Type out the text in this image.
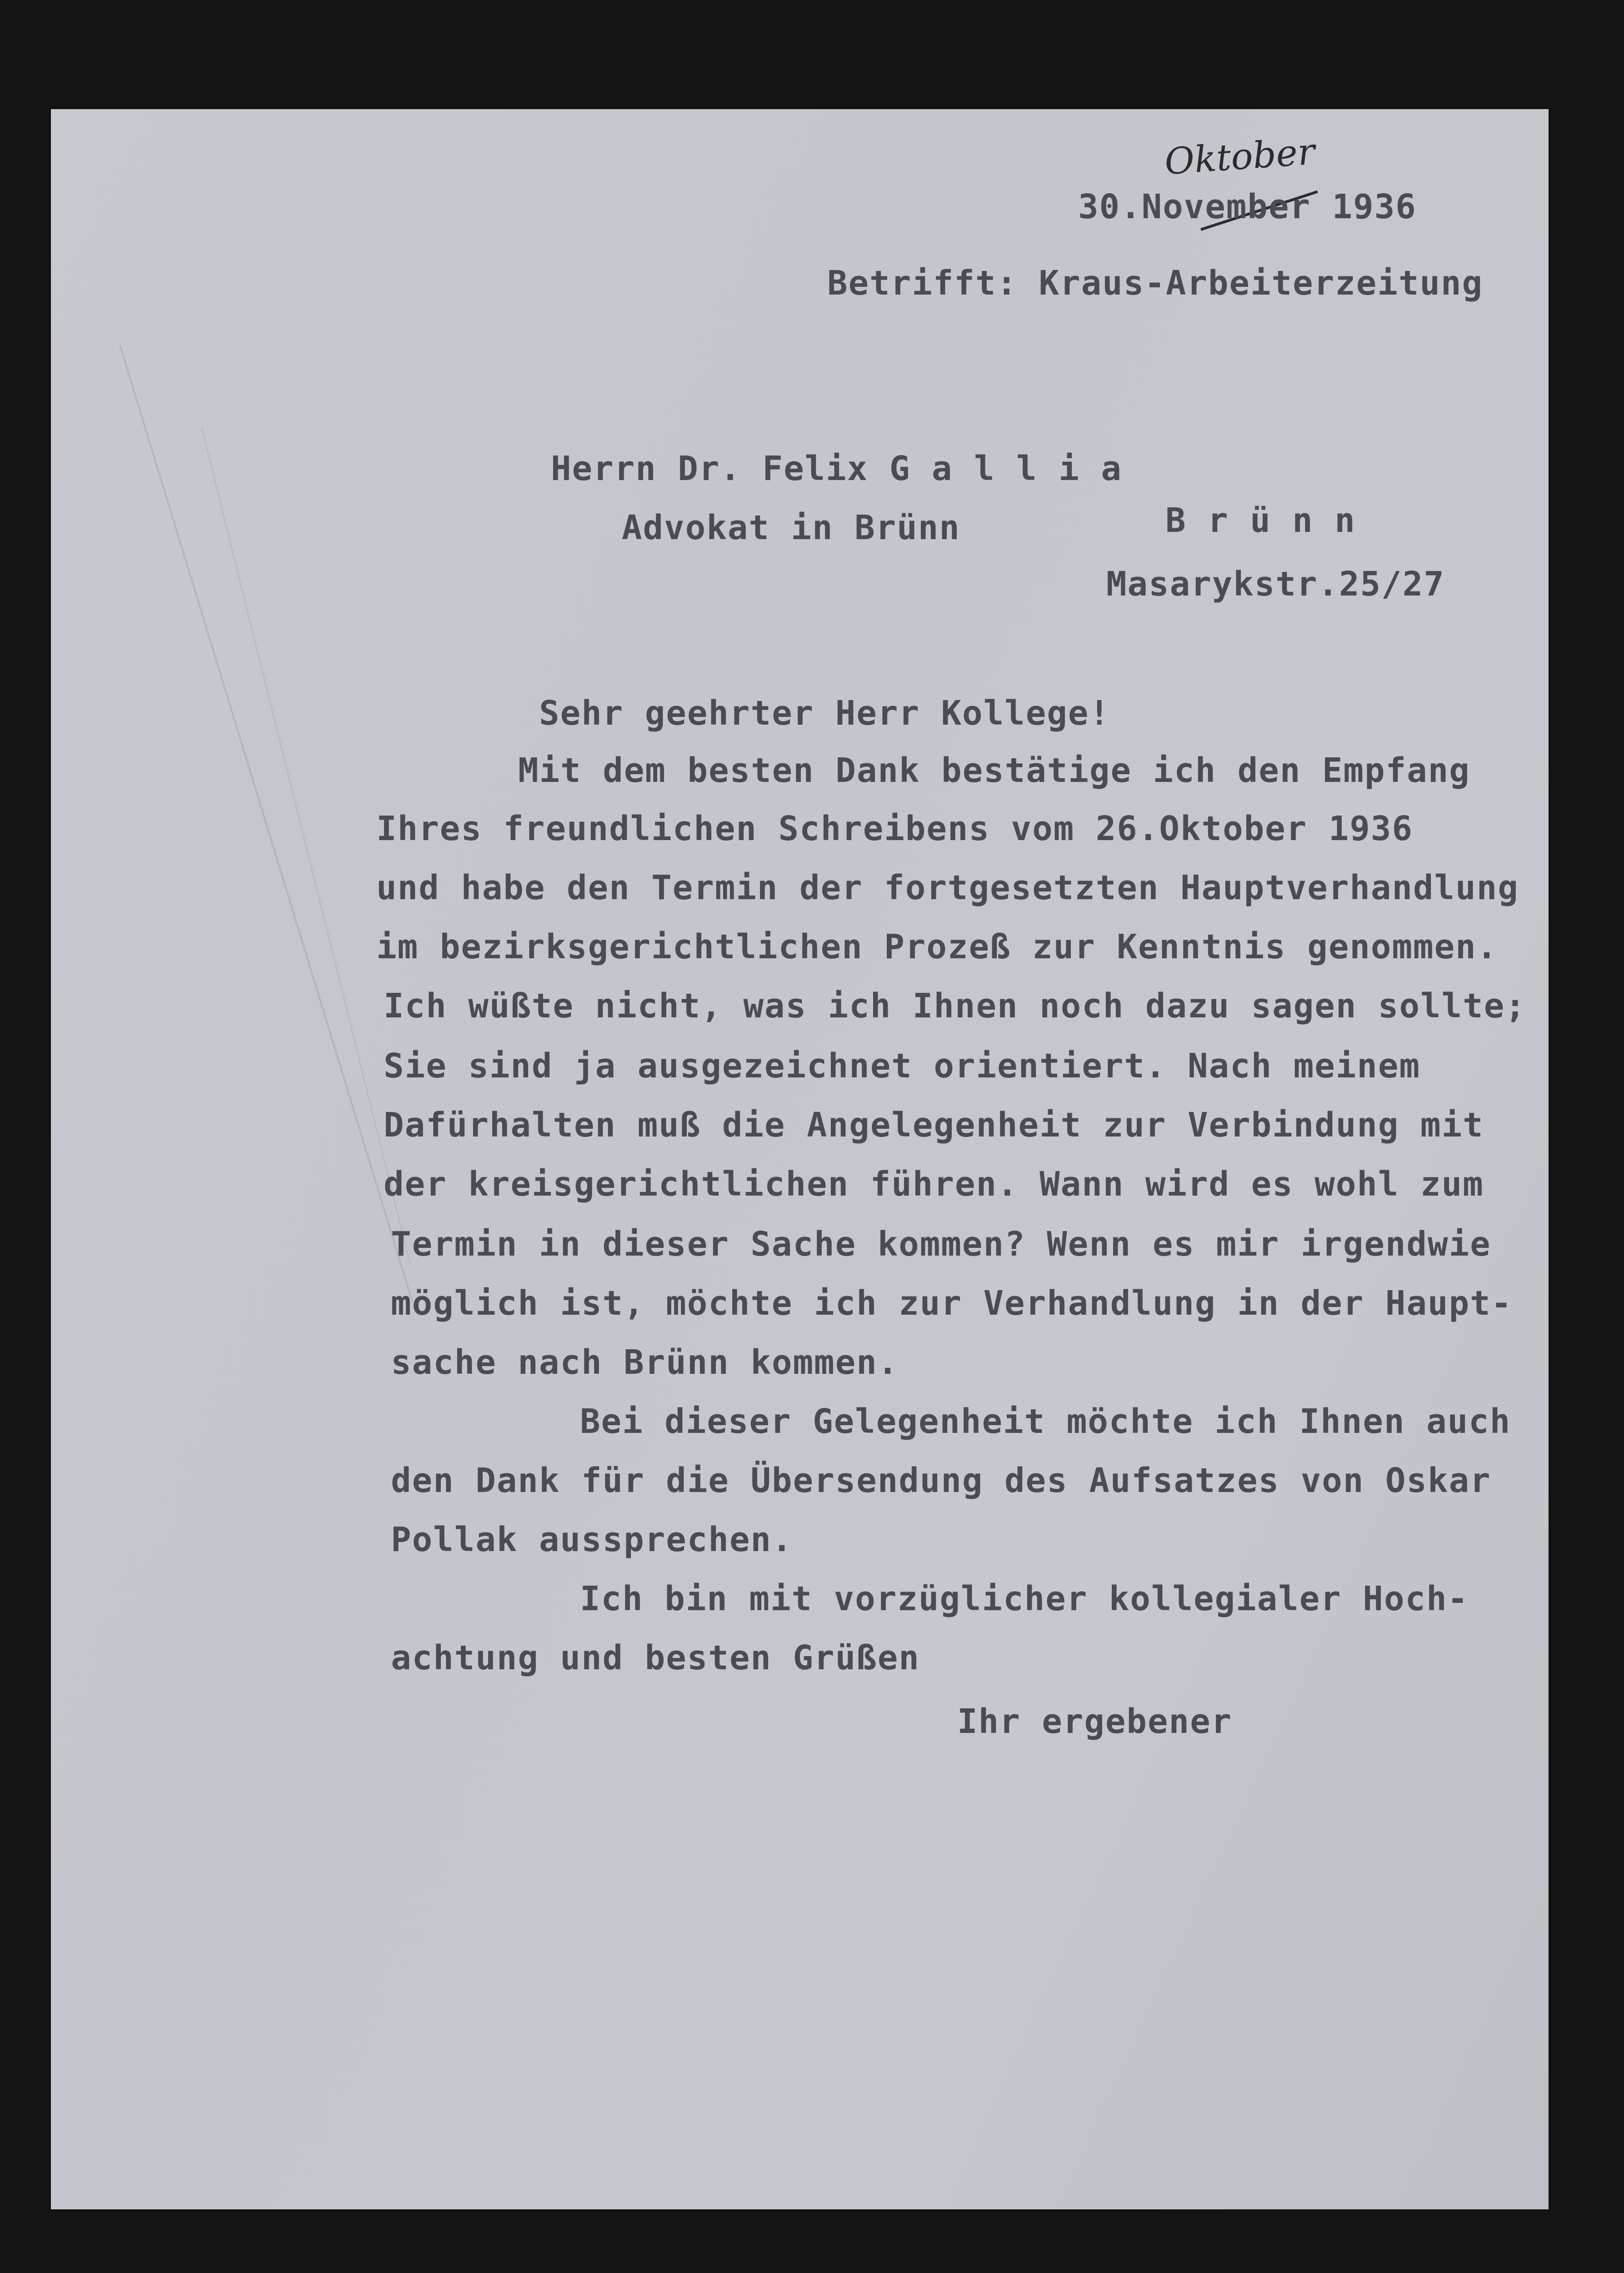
Oktober
30.November 1936
Betrifft: Kraus-Arbeiterzeitung
Herrn Dr. Felix G a l l i a
Advokat in Brünn	B r ü n n
Masarykstr.25/27
Sehr geehrter Herr Kollege!
Mit dem besten Dank bestätige ich den Empfang
Ihres freundlichen Schreibens vom 26.Oktober 1936
und habe den Termin der fortgesetzten Hauptverhandlung
im bezirksgerichtlichen Prozeß zur Kenntnis genommen.
Ich wüßte nicht, was ich Ihnen noch dazu sagen sollte;
Sie sind ja ausgezeichnet orientiert. Nach meinem
Dafürhalten muß die Angelegenheit zur Verbindung mit
der kreisgerichtlichen führen. Wann wird es wohl zum
Termin in dieser Sache kommen? Wenn es mir irgendwie
möglich ist, möchte ich zur Verhandlung in der Haupt-
sache nach Brünn kommen.
Bei dieser Gelegenheit möchte ich Ihnen auch
den Dank für die Übersendung des Aufsatzes von Oskar
Pollak aussprechen.
Ich bin mit vorzüglicher kollegialer Hoch-
achtung und besten Grüßen
Ihr ergebener
